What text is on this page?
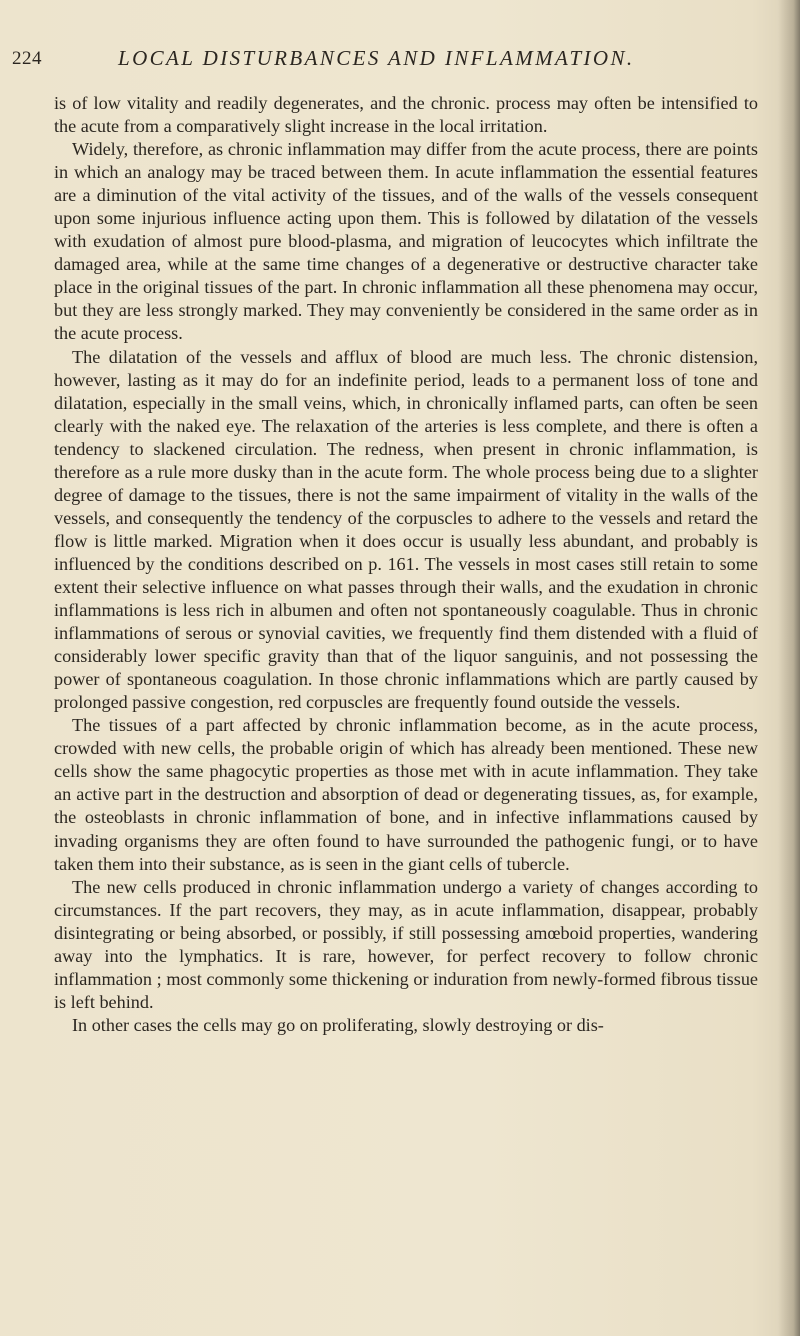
224	LOCAL DISTURBANCES AND INFLAMMATION.

is of low vitality and readily degenerates, and the chronic. process may often be intensified to the acute from a comparatively slight increase in the local irritation.

Widely, therefore, as chronic inflammation may differ from the acute process, there are points in which an analogy may be traced between them. In acute inflammation the essential features are a diminution of the vital activity of the tissues, and of the walls of the vessels consequent upon some injurious influence acting upon them. This is followed by dilatation of the vessels with exudation of almost pure blood-plasma, and migration of leucocytes which infiltrate the damaged area, while at the same time changes of a degenerative or destructive character take place in the original tissues of the part. In chronic inflammation all these phenomena may occur, but they are less strongly marked. They may conveniently be considered in the same order as in the acute process.

The dilatation of the vessels and afflux of blood are much less. The chronic distension, however, lasting as it may do for an indefinite period, leads to a permanent loss of tone and dilatation, especially in the small veins, which, in chronically inflamed parts, can often be seen clearly with the naked eye. The relaxation of the arteries is less complete, and there is often a tendency to slackened circulation. The redness, when present in chronic inflammation, is therefore as a rule more dusky than in the acute form. The whole process being due to a slighter degree of damage to the tissues, there is not the same impairment of vitality in the walls of the vessels, and consequently the tendency of the corpuscles to adhere to the vessels and retard the flow is little marked. Migration when it does occur is usually less abundant, and probably is influenced by the conditions described on p. 161. The vessels in most cases still retain to some extent their selective influence on what passes through their walls, and the exudation in chronic inflammations is less rich in albumen and often not spontaneously coagulable. Thus in chronic inflammations of serous or synovial cavities, we frequently find them distended with a fluid of considerably lower specific gravity than that of the liquor sanguinis, and not possessing the power of spontaneous coagulation. In those chronic inflammations which are partly caused by prolonged passive congestion, red corpuscles are frequently found outside the vessels.

The tissues of a part affected by chronic inflammation become, as in the acute process, crowded with new cells, the probable origin of which has already been mentioned. These new cells show the same phagocytic properties as those met with in acute inflammation. They take an active part in the destruction and absorption of dead or degenerating tissues, as, for example, the osteoblasts in chronic inflammation of bone, and in infective inflammations caused by invading organisms they are often found to have surrounded the pathogenic fungi, or to have taken them into their substance, as is seen in the giant cells of tubercle.

The new cells produced in chronic inflammation undergo a variety of changes according to circumstances. If the part recovers, they may, as in acute inflammation, disappear, probably disintegrating or being absorbed, or possibly, if still possessing amœboid properties, wandering away into the lymphatics. It is rare, however, for perfect recovery to follow chronic inflammation ; most commonly some thickening or induration from newly-formed fibrous tissue is left behind.

In other cases the cells may go on proliferating, slowly destroying or dis-
